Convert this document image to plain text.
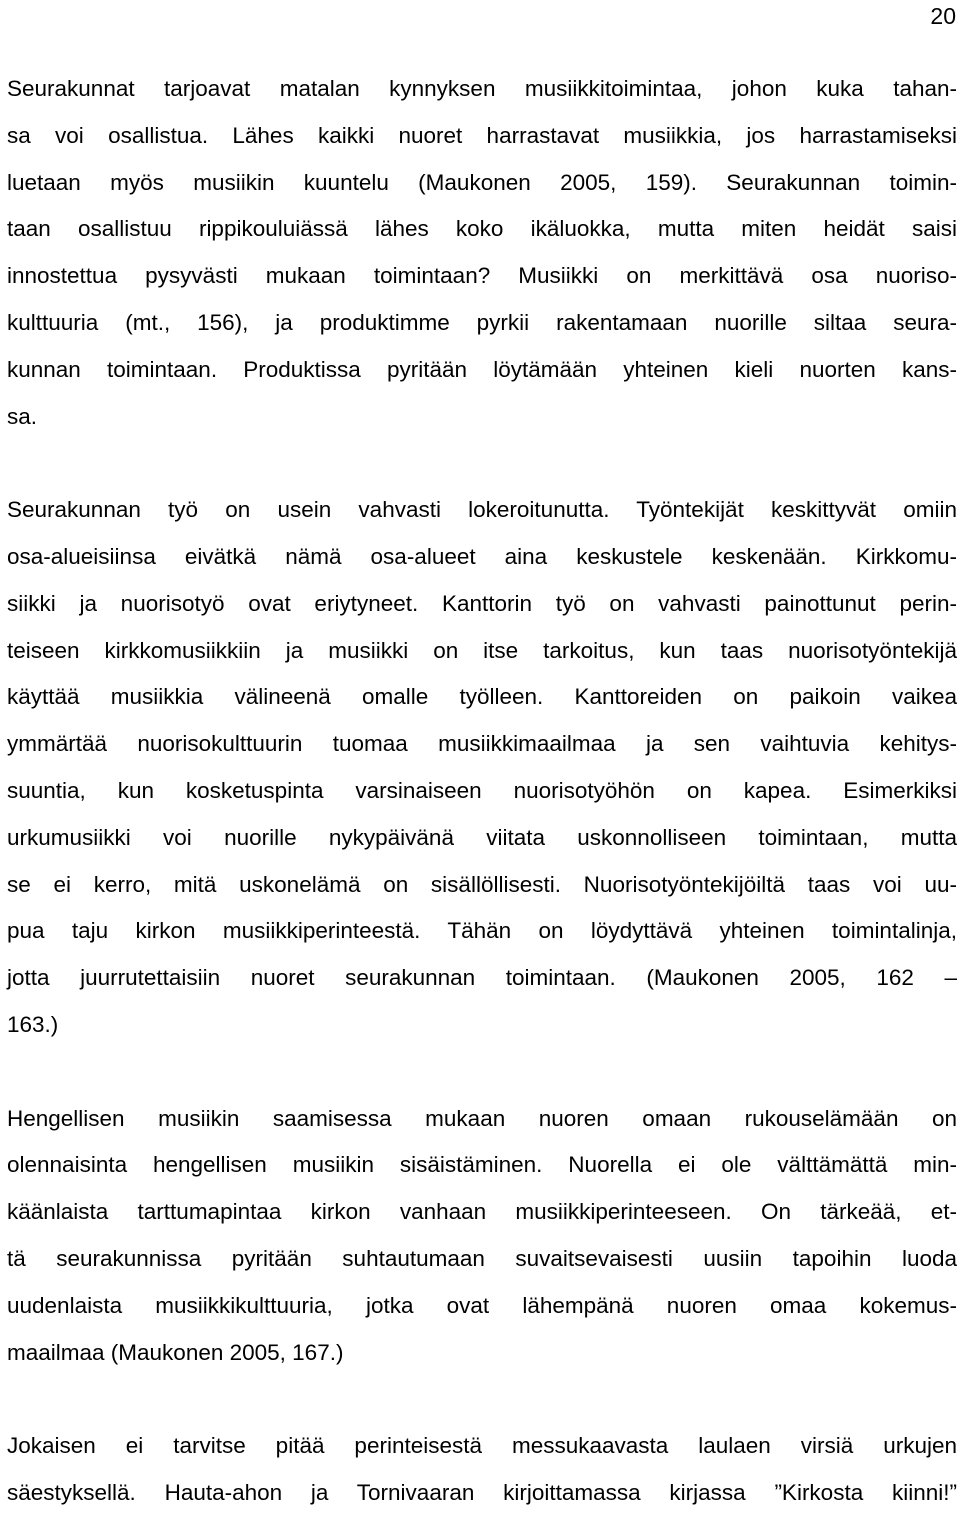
20

Seurakunnat tarjoavat matalan kynnyksen musiikkitoimintaa, johon kuka tahan-
sa voi osallistua. Lähes kaikki nuoret harrastavat musiikkia, jos harrastamiseksi
luetaan myös musiikin kuuntelu (Maukonen 2005, 159). Seurakunnan toimin-
taan osallistuu rippikouluiässä lähes koko ikäluokka, mutta miten heidät saisi
innostettua pysyvästi mukaan toimintaan? Musiikki on merkittävä osa nuoriso-
kulttuuria (mt., 156), ja produktimme pyrkii rakentamaan nuorille siltaa seura-
kunnan toimintaan. Produktissa pyritään löytämään yhteinen kieli nuorten kans-
sa.

Seurakunnan työ on usein vahvasti lokeroitunutta. Työntekijät keskittyvät omiin
osa-alueisiinsa eivätkä nämä osa-alueet aina keskustele keskenään. Kirkkomu-
siikki ja nuorisotyö ovat eriytyneet. Kanttorin työ on vahvasti painottunut perin-
teiseen kirkkomusiikkiin ja musiikki on itse tarkoitus, kun taas nuorisotyöntekijä
käyttää musiikkia välineenä omalle työlleen. Kanttoreiden on paikoin vaikea
ymmärtää nuorisokulttuurin tuomaa musiikkimaailmaa ja sen vaihtuvia kehitys-
suuntia, kun kosketuspinta varsinaiseen nuorisotyöhön on kapea. Esimerkiksi
urkumusiikki voi nuorille nykypäivänä viitata uskonnolliseen toimintaan, mutta
se ei kerro, mitä uskonelämä on sisällöllisesti. Nuorisotyöntekijöiltä taas voi uu-
pua taju kirkon musiikkiperinteestä. Tähän on löydyttävä yhteinen toimintalinja,
jotta juurrutettaisiin nuoret seurakunnan toimintaan. (Maukonen 2005, 162 –
163.)

Hengellisen musiikin saamisessa mukaan nuoren omaan rukouselämään on
olennaisinta hengellisen musiikin sisäistäminen. Nuorella ei ole välttämättä min-
käänlaista tarttumapintaa kirkon vanhaan musiikkiperinteeseen. On tärkeää, et-
tä seurakunnissa pyritään suhtautumaan suvaitsevaisesti uusiin tapoihin luoda
uudenlaista musiikkikulttuuria, jotka ovat lähempänä nuoren omaa kokemus-
maailmaa (Maukonen 2005, 167.)

Jokaisen ei tarvitse pitää perinteisestä messukaavasta laulaen virsiä urkujen
säestyksellä. Hauta-ahon ja Tornivaaran kirjoittamassa kirjassa ”Kirkosta kiinni!”
